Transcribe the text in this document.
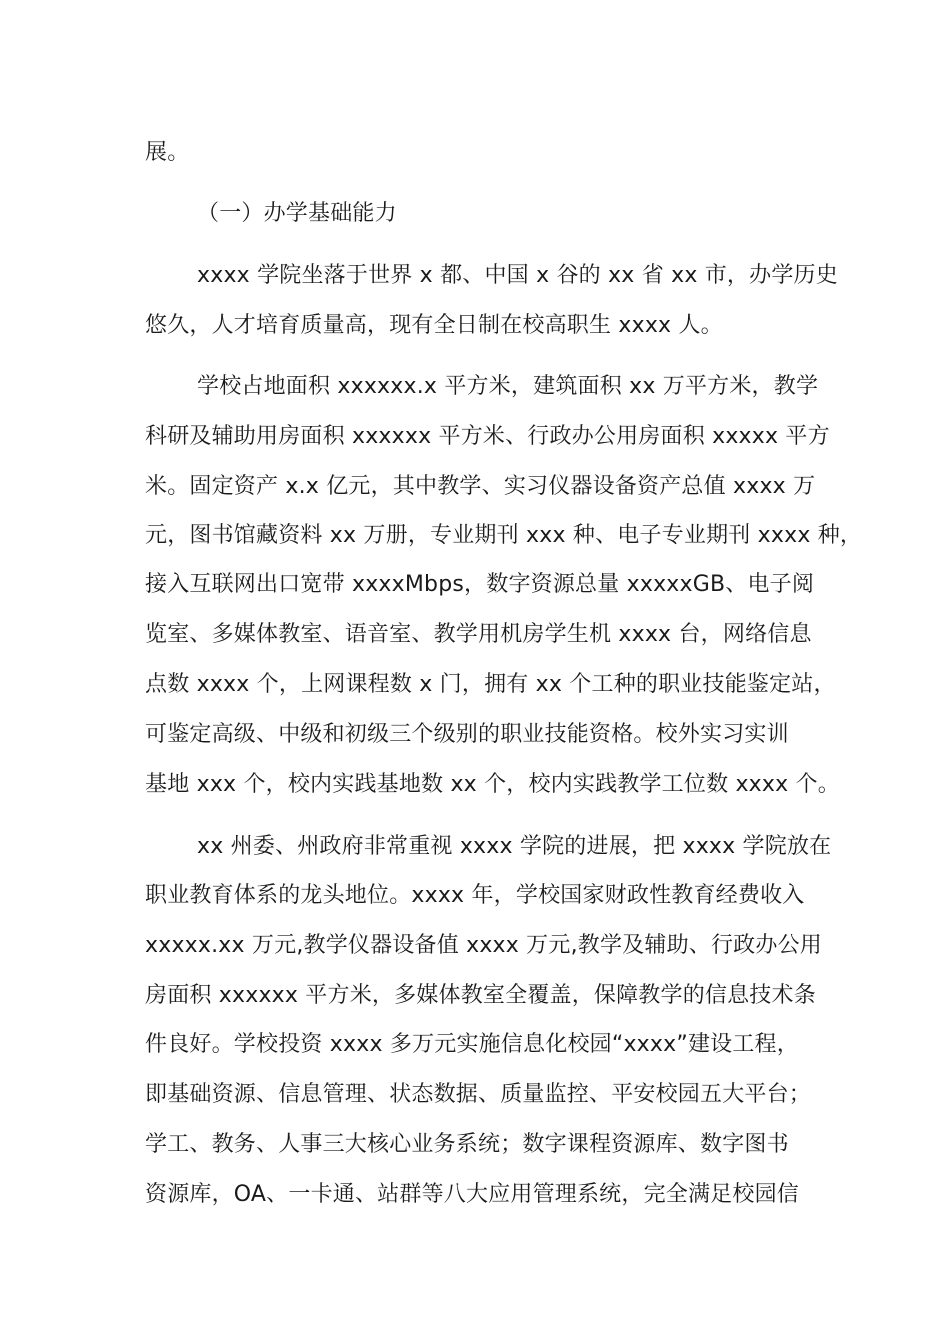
展。
（一）办学基础能力
xxxx 学院坐落于世界 x 都、中国 x 谷的 xx 省 xx 市，办学历史
悠久，人才培育质量高，现有全日制在校高职生 xxxx 人。
学校占地面积 xxxxxx.x 平方米，建筑面积 xx 万平方米，教学
科研及辅助用房面积 xxxxxx 平方米、行政办公用房面积 xxxxx 平方
米。固定资产 x.x 亿元，其中教学、实习仪器设备资产总值 xxxx 万
元，图书馆藏资料 xx 万册，专业期刊 xxx 种、电子专业期刊 xxxx 种，
接入互联网出口宽带 xxxxMbps，数字资源总量 xxxxxGB、电子阅
览室、多媒体教室、语音室、教学用机房学生机 xxxx 台，网络信息
点数 xxxx 个，上网课程数 x 门，拥有 xx 个工种的职业技能鉴定站，
可鉴定高级、中级和初级三个级别的职业技能资格。校外实习实训
基地 xxx 个，校内实践基地数 xx 个，校内实践教学工位数 xxxx 个。
xx 州委、州政府非常重视 xxxx 学院的进展，把 xxxx 学院放在
职业教育体系的龙头地位。xxxx 年，学校国家财政性教育经费收入
xxxxx.xx 万元,教学仪器设备值 xxxx 万元,教学及辅助、行政办公用
房面积 xxxxxx 平方米，多媒体教室全覆盖，保障教学的信息技术条
件良好。学校投资 xxxx 多万元实施信息化校园“xxxx”建设工程，
即基础资源、信息管理、状态数据、质量监控、平安校园五大平台；
学工、教务、人事三大核心业务系统；数字课程资源库、数字图书
资源库，OA、一卡通、站群等八大应用管理系统，完全满足校园信
